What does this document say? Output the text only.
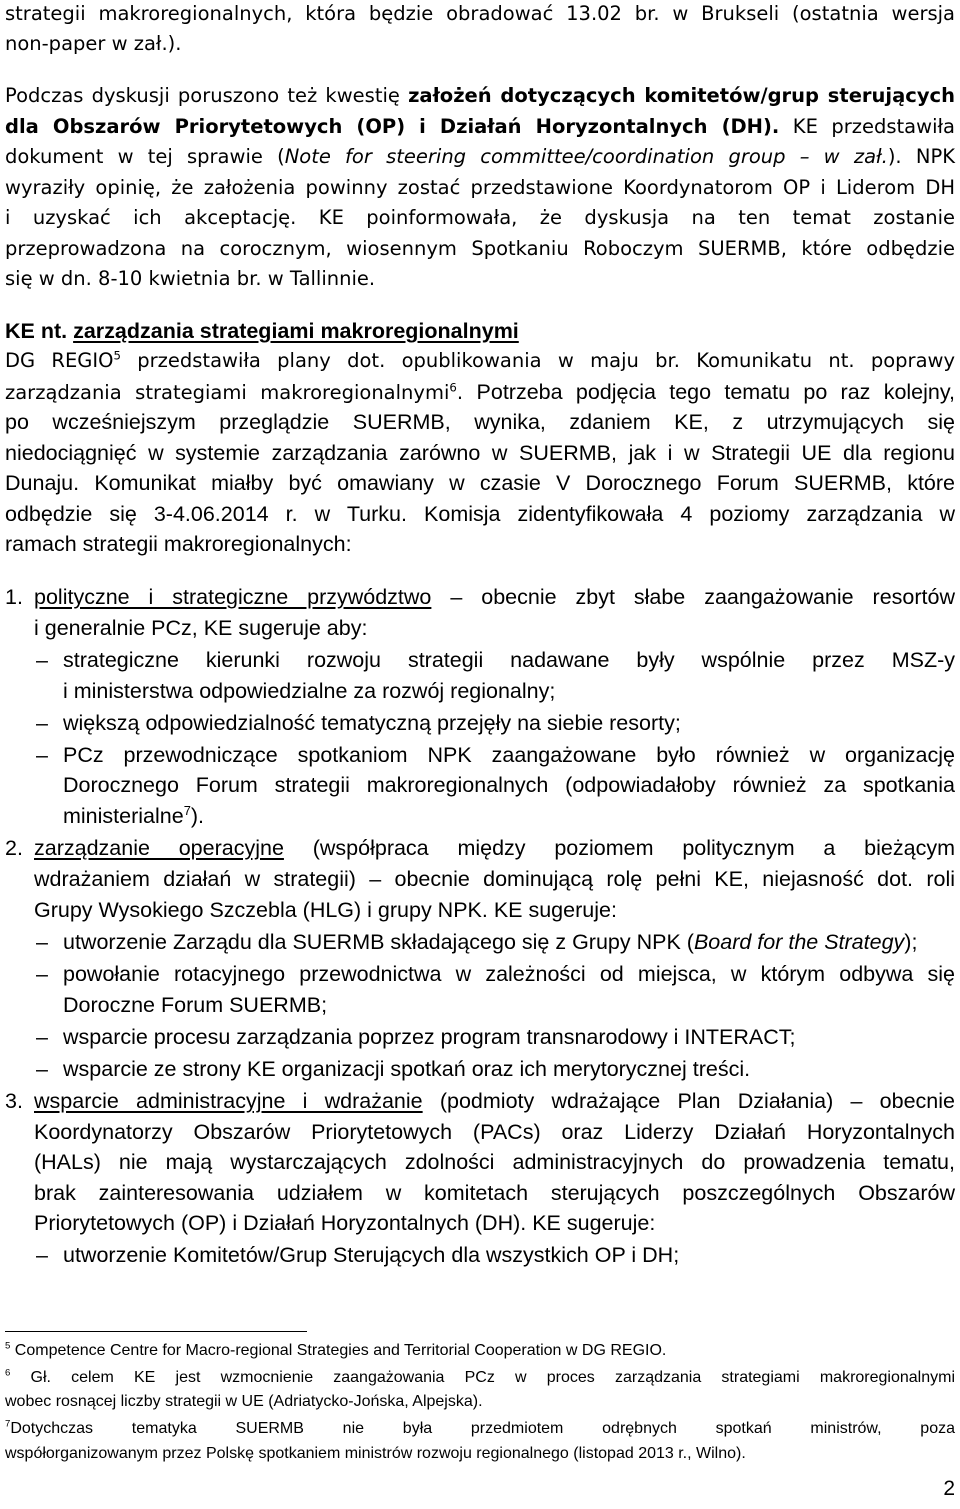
strategii makroregionalnych, która będzie obradować 13.02 br. w Brukseli (ostatnia wersja
non-paper w zał.).
Podczas dyskusji poruszono też kwestię założeń dotyczących komitetów/grup sterujących
dla Obszarów Priorytetowych (OP) i Działań Horyzontalnych (DH). KE przedstawiła
dokument w tej sprawie (Note for steering committee/coordination group – w zał.). NPK
wyraziły opinię, że założenia powinny zostać przedstawione Koordynatorom OP i Liderom DH
i uzyskać ich akceptację. KE poinformowała, że dyskusja na ten temat zostanie
przeprowadzona na corocznym, wiosennym Spotkaniu Roboczym SUERMB, które odbędzie
się w dn. 8-10 kwietnia br. w Tallinnie.
KE nt. zarządzania strategiami makroregionalnymi
DG REGIO$^5$ przedstawiła plany dot. opublikowania w maju br. Komunikatu nt. poprawy
zarządzania strategiami makroregionalnymi$^6$. Potrzeba podjęcia tego tematu po raz kolejny,
po wcześniejszym przeglądzie SUERMB, wynika, zdaniem KE, z utrzymujących się
niedociągnięć w systemie zarządzania zarówno w SUERMB, jak i w Strategii UE dla regionu
Dunaju. Komunikat miałby być omawiany w czasie V Dorocznego Forum SUERMB, które
odbędzie się 3-4.06.2014 r. w Turku. Komisja zidentyfikowała 4 poziomy zarządzania w
ramach strategii makroregionalnych:
1. polityczne i strategiczne przywództwo – obecnie zbyt słabe zaangażowanie resortów
i generalnie PCz, KE sugeruje aby:
– strategiczne kierunki rozwoju strategii nadawane były wspólnie przez MSZ-y
i ministerstwa odpowiedzialne za rozwój regionalny;
– większą odpowiedzialność tematyczną przejęły na siebie resorty;
– PCz przewodniczące spotkaniom NPK zaangażowane było również w organizację
Dorocznego Forum strategii makroregionalnych (odpowiadałoby również za spotkania
ministerialne$^7$).
2. zarządzanie operacyjne (współpraca między poziomem politycznym a bieżącym
wdrażaniem działań w strategii) – obecnie dominującą rolę pełni KE, niejasność dot. roli
Grupy Wysokiego Szczebla (HLG) i grupy NPK. KE sugeruje:
– utworzenie Zarządu dla SUERMB składającego się z Grupy NPK (Board for the Strategy);
– powołanie rotacyjnego przewodnictwa w zależności od miejsca, w którym odbywa się
Doroczne Forum SUERMB;
– wsparcie procesu zarządzania poprzez program transnarodowy i INTERACT;
– wsparcie ze strony KE organizacji spotkań oraz ich merytorycznej treści.
3. wsparcie administracyjne i wdrażanie (podmioty wdrażające Plan Działania) – obecnie
Koordynatorzy Obszarów Priorytetowych (PACs) oraz Liderzy Działań Horyzontalnych
(HALs) nie mają wystarczających zdolności administracyjnych do prowadzenia tematu,
brak zainteresowania udziałem w komitetach sterujących poszczególnych Obszarów
Priorytetowych (OP) i Działań Horyzontalnych (DH). KE sugeruje:
– utworzenie Komitetów/Grup Sterujących dla wszystkich OP i DH;
$^5$ Competence Centre for Macro-regional Strategies and Territorial Cooperation w DG REGIO.
$^6$ Gł. celem KE jest wzmocnienie zaangażowania PCz w proces zarządzania strategiami makroregionalnymi
wobec rosnącej liczby strategii w UE (Adriatycko-Jońska, Alpejska).
$^7$Dotychczas tematyka SUERMB nie była przedmiotem odrębnych spotkań ministrów, poza
współorganizowanym przez Polskę spotkaniem ministrów rozwoju regionalnego (listopad 2013 r., Wilno).
2
